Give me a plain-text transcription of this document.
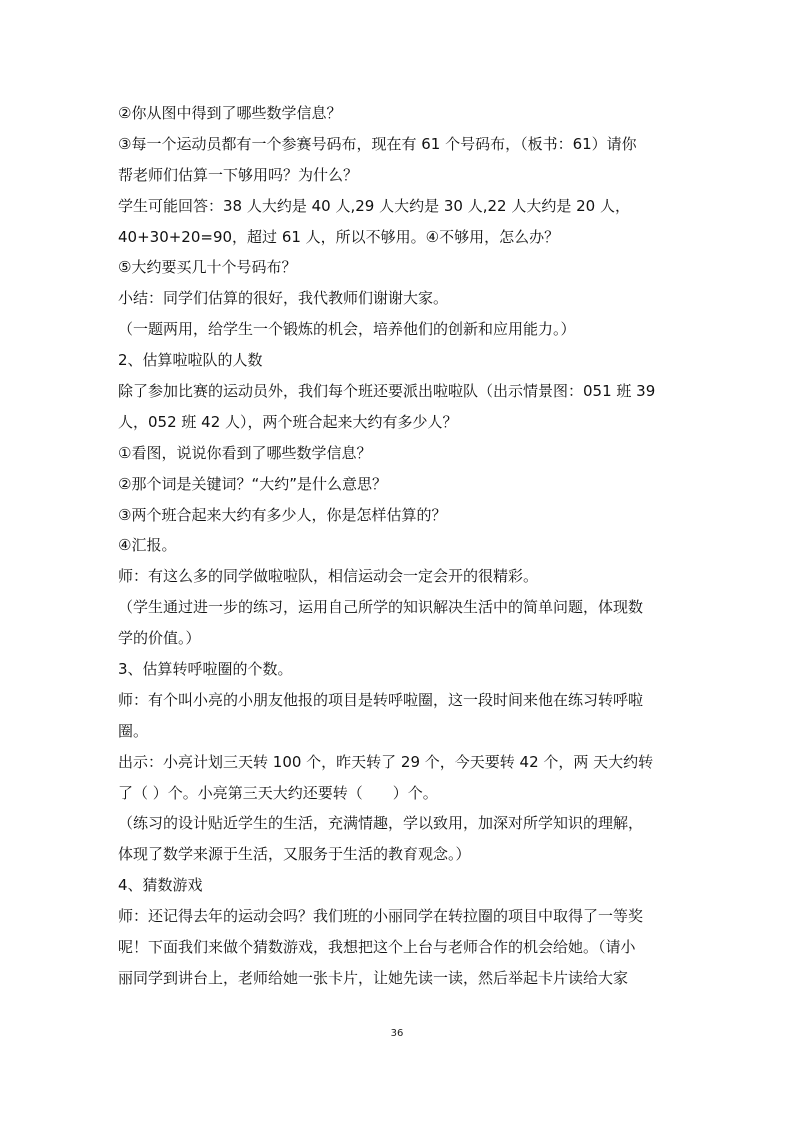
②你从图中得到了哪些数学信息？
③每一个运动员都有一个参赛号码布，现在有 61 个号码布，（板书：61）请你
帮老师们估算一下够用吗？为什么？
学生可能回答：38 人大约是 40 人,29 人大约是 30 人,22 人大约是 20 人，
40+30+20=90，超过 61 人，所以不够用。④不够用，怎么办？
⑤大约要买几十个号码布？
小结：同学们估算的很好，我代教师们谢谢大家。
（一题两用，给学生一个锻炼的机会，培养他们的创新和应用能力。）
2、估算啦啦队的人数
除了参加比赛的运动员外，我们每个班还要派出啦啦队（出示情景图：051 班 39
人，052 班 42 人），两个班合起来大约有多少人？
①看图，说说你看到了哪些数学信息？
②那个词是关键词？“大约”是什么意思？
③两个班合起来大约有多少人，你是怎样估算的？
④汇报。
师：有这么多的同学做啦啦队，相信运动会一定会开的很精彩。
（学生通过进一步的练习，运用自己所学的知识解决生活中的简单问题，体现数
学的价值。）
3、估算转呼啦圈的个数。
师：有个叫小亮的小朋友他报的项目是转呼啦圈，这一段时间来他在练习转呼啦
圈。
出示：小亮计划三天转 100 个，昨天转了 29 个，今天要转 42 个，两 天大约转
了（ ）个。小亮第三天大约还要转（　　）个。
（练习的设计贴近学生的生活，充满情趣，学以致用，加深对所学知识的理解，
体现了数学来源于生活，又服务于生活的教育观念。）
4、猜数游戏
师：还记得去年的运动会吗？我们班的小丽同学在转拉圈的项目中取得了一等奖
呢！下面我们来做个猜数游戏，我想把这个上台与老师合作的机会给她。（请小
丽同学到讲台上，老师给她一张卡片，让她先读一读，然后举起卡片读给大家
36
